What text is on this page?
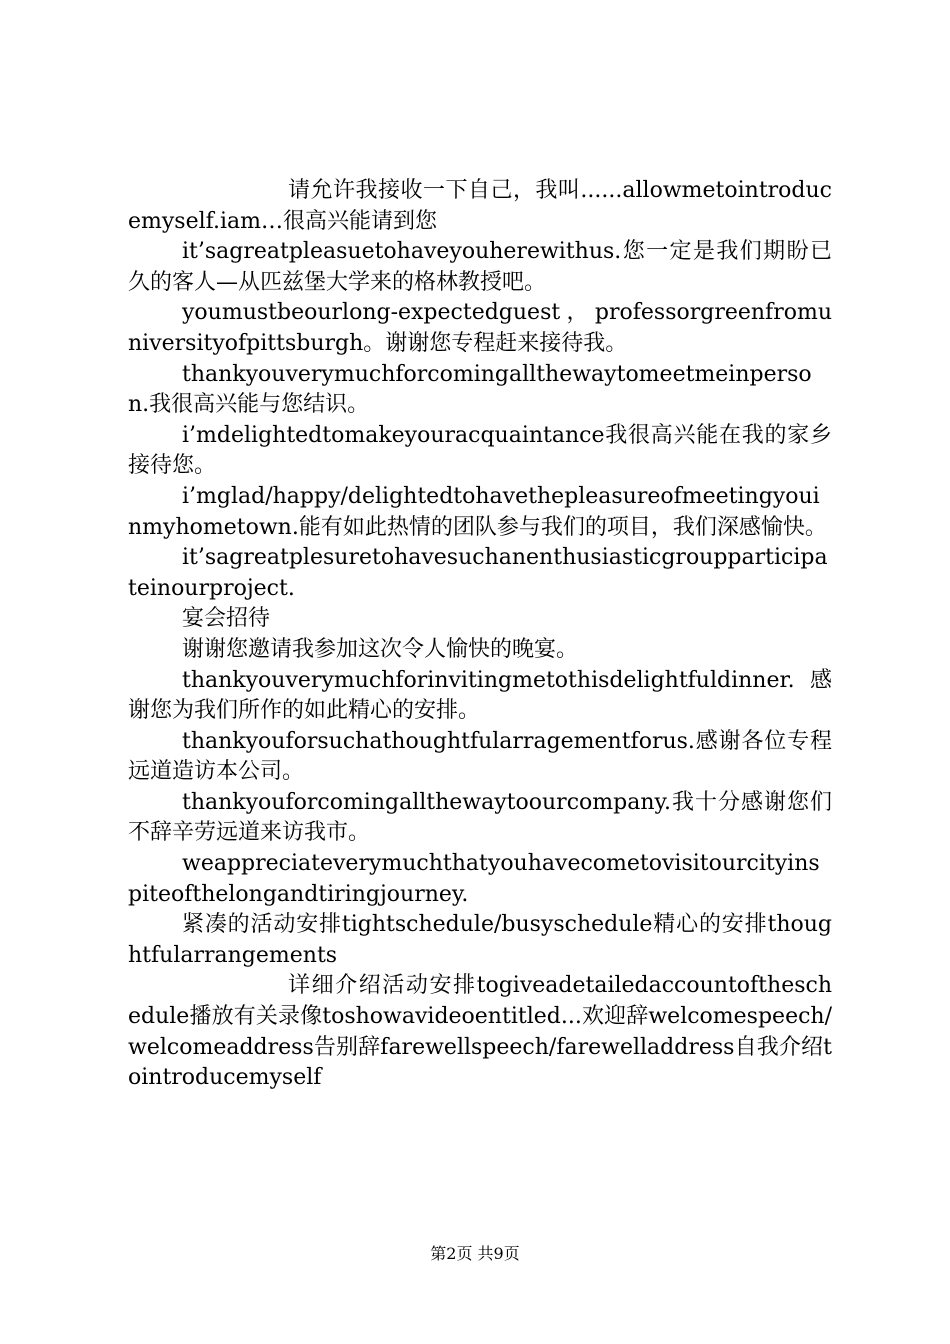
请允许我接收一下自己，我叫......allowmetointroducemyself.iam…很高兴能请到您

it’sagreatpleasuetohaveyouherewithus.您一定是我们期盼已久的客人—从匹兹堡大学来的格林教授吧。

youmustbeourlong-expectedguest，professorgreenfromuniversityofpittsburgh。谢谢您专程赶来接待我。

thankyouverymuchforcomingallthewaytomeetmeinperson.我很高兴能与您结识。

i’mdelightedtomakeyouracquaintance我很高兴能在我的家乡接待您。

i’mglad/happy/delightedtohavethepleasureofmeetingyouinmyhometown.能有如此热情的团队参与我们的项目，我们深感愉快。

it’sagreatplesuretohavesuchanenthusiasticgroupparticipateinourproject.

宴会招待

谢谢您邀请我参加这次令人愉快的晚宴。

thankyouverymuchforinvitingmetothisdelightfuldinner.感谢您为我们所作的如此精心的安排。

thankyouforsuchathoughtfularragementforus.感谢各位专程远道造访本公司。

thankyouforcomingallthewaytoourcompany.我十分感谢您们不辞辛劳远道来访我市。

weappreciateverymuchthatyouhavecometovisitourcityinspiteofthelongandtiringjourney.

紧凑的活动安排tightschedule/busyschedule精心的安排thoughtfularrangements

详细介绍活动安排togiveadetailedaccountoftheschedule播放有关录像toshowavideoentitled...欢迎辞welcomespeech/welcomeaddress告别辞farewellspeech/farewelladdress自我介绍tointroducemyself

第2页 共9页
